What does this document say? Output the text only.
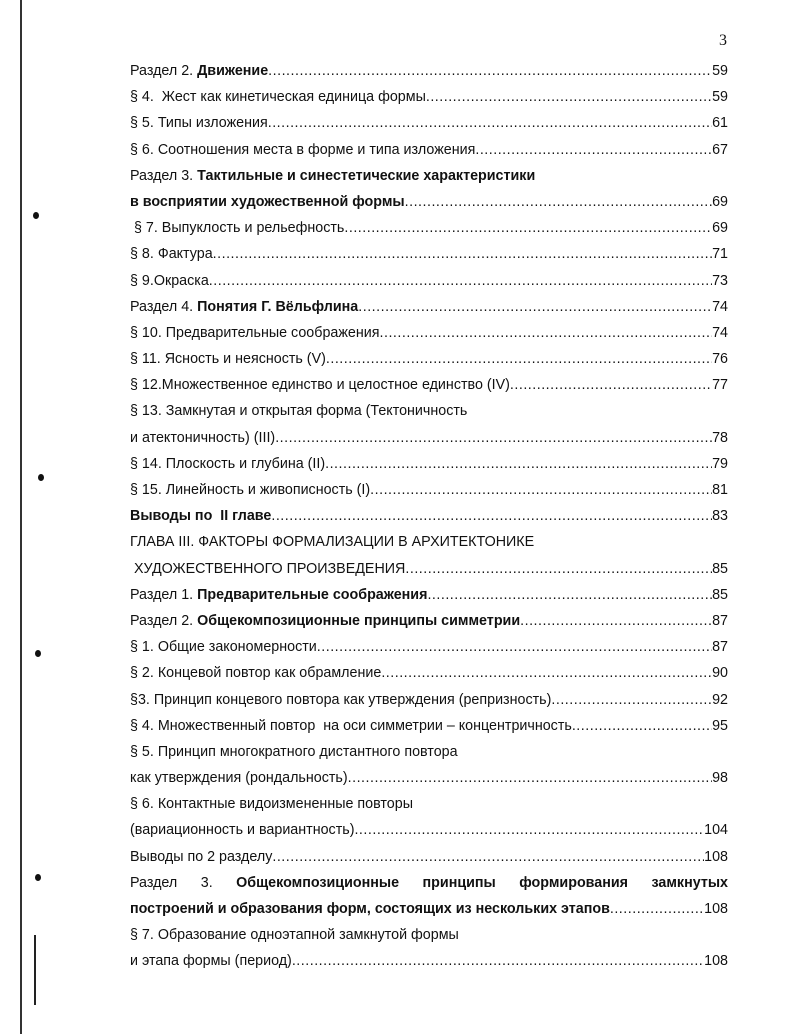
3
Раздел 2. Движение .....	59
§ 4.  Жест как кинетическая единица формы .....	59
§ 5. Типы изложения .....	61
§ 6. Соотношения места в форме и типа изложения .....	67
Раздел 3. Тактильные и синестетические характеристики
в восприятии художественной формы .....	69
§ 7. Выпуклость и рельефность .....	69
§ 8. Фактура .....	71
§ 9.Окраска .....	73
Раздел 4. Понятия Г. Вёльфлина .....	74
§ 10. Предварительные соображения .....	74
§ 11. Ясность и неясность (V) .....	76
§ 12.Множественное единство и целостное единство (IV) .....	77
§ 13. Замкнутая и открытая форма (Тектоничность
и атектоничность) (III) .....	78
§ 14. Плоскость и глубина (II) .....	79
§ 15. Линейность и живописность (I) .....	81
Выводы по  II главе .....	83
ГЛАВА III. ФАКТОРЫ ФОРМАЛИЗАЦИИ В АРХИТЕКТОНИКЕ
ХУДОЖЕСТВЕННОГО ПРОИЗВЕДЕНИЯ .....	85
Раздел 1. Предварительные соображения .....	85
Раздел 2. Общекомпозиционные принципы симметрии .....	87
§ 1. Общие закономерности .....	87
§ 2. Концевой повтор как обрамление .....	90
§3. Принцип концевого повтора как утверждения (репризность) .....	92
§ 4. Множественный повтор  на оси симметрии – концентричность .....	95
§ 5. Принцип многократного дистантного повтора
как утверждения (рондальность) .....	98
§ 6. Контактные видоизмененные повторы
(вариационность и вариантность) .....	104
Выводы по 2 разделу .....	108
Раздел 3. Общекомпозиционные принципы формирования замкнутых
построений и образования форм, состоящих из нескольких этапов .....	108
§ 7. Образование одноэтапной замкнутой формы
и этапа формы (период) .....	108
